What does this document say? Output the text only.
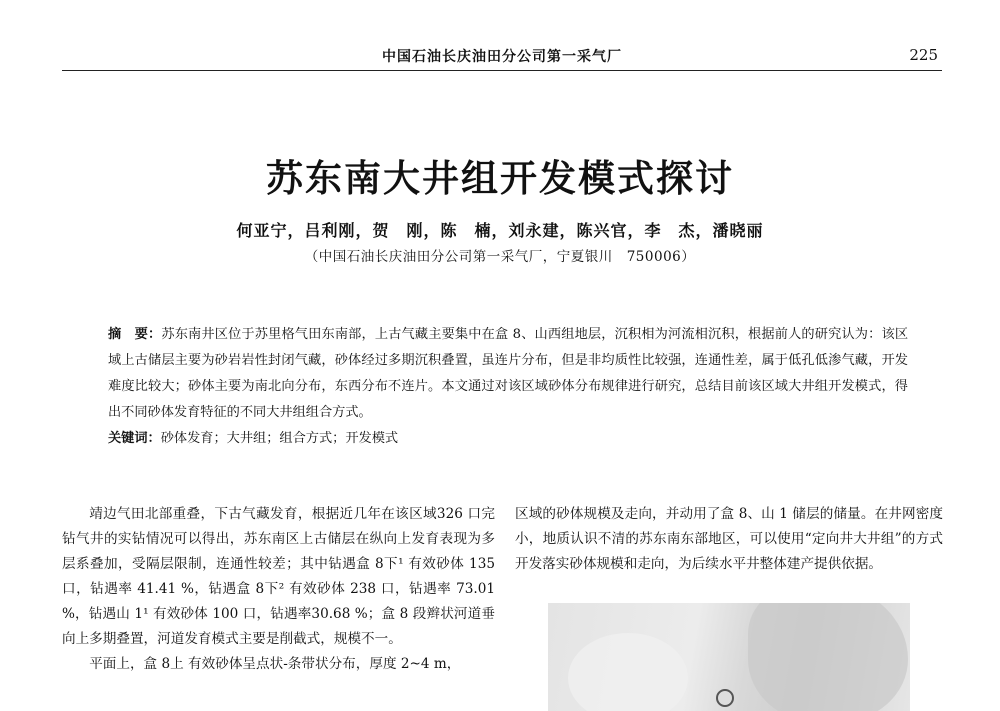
中国石油长庆油田分公司第一采气厂	225
苏东南大井组开发模式探讨
何亚宁，吕利刚，贺　刚，陈　楠，刘永建，陈兴官，李　杰，潘晓丽
（中国石油长庆油田分公司第一采气厂，宁夏银川　750006）
摘　要：苏东南井区位于苏里格气田东南部，上古气藏主要集中在盒 8、山西组地层，沉积相为河流相沉积，根据前人的研究认为：该区域上古储层主要为砂岩岩性封闭气藏，砂体经过多期沉积叠置，虽连片分布，但是非均质性比较强，连通性差，属于低孔低渗气藏，开发难度比较大；砂体主要为南北向分布，东西分布不连片。本文通过对该区域砂体分布规律进行研究，总结目前该区域大井组开发模式，得出不同砂体发育特征的不同大井组组合方式。
关键词：砂体发育；大井组；组合方式；开发模式

靖边气田北部重叠，下古气藏发育，根据近几年在该区域326 口完钻气井的实钻情况可以得出，苏东南区上古储层在纵向上发育表现为多层系叠加，受隔层限制，连通性较差；其中钻遇盒 8下¹ 有效砂体 135 口，钻遇率 41.41 %，钻遇盒 8下² 有效砂体 238 口，钻遇率 73.01 %，钻遇山 1¹ 有效砂体 100 口，钻遇率30.68 %；盒 8 段辫状河道垂向上多期叠置，河道发育模式主要是削截式，规模不一。

平面上，盒 8上 有效砂体呈点状-条带状分布，厚度 2~4 m，

区域的砂体规模及走向，并动用了盒 8、山 1 储层的储量。在井网密度小，地质认识不清的苏东南东部地区，可以使用“定向井大井组”的方式开发落实砂体规模和走向，为后续水平井整体建产提供依据。
